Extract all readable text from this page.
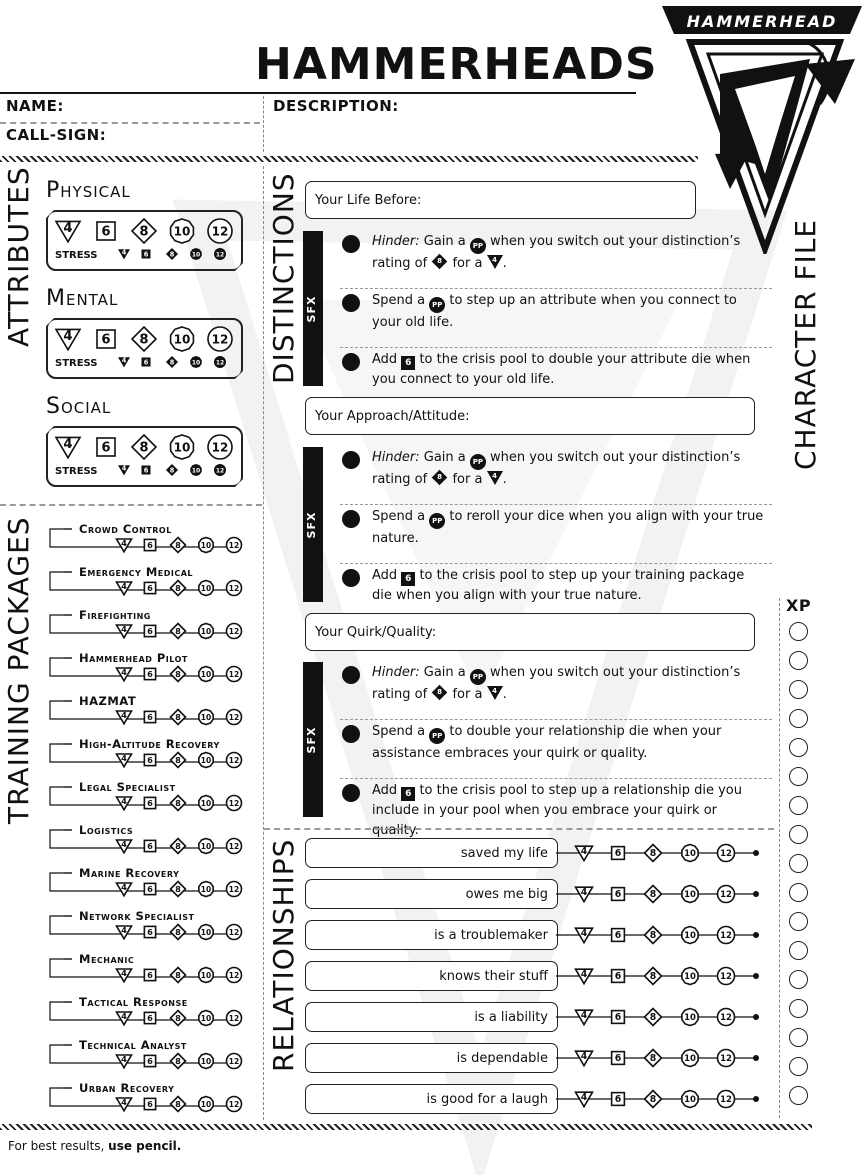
HAMMERHEAD
HAMMERHEADS
NAME:
CALL-SIGN:
DESCRIPTION:
ATTRIBUTES Physical
4 6 8 10 12
STRESS	4	6	8	10	12
Mental
4 6 8 10 12
STRESS	4	6	8	10	12
Social
4 6 8 10 12
STRESS	4	6	8	10	12
TRAINING PACKAGES	Crowd Control
4 6	8	10 12
Emergency Medical
4 6	8	10 12
Firefighting
4 6	8	10 12
Hammerhead Pilot
4 6	8	10 12
HAZMAT
4 6	8	10 12
High-Altitude Recovery
4 6	8	10 12
Legal Specialist
4 6	8	10 12
Logistics
4 6	8	10 12
Marine Recovery
4 6	8	10 12
Network Specialist
4 6	8	10 12
Mechanic
4 6	8	10 12
Tactical Response
4 6	8	10 12
Technical Analyst
4 6	8	10 12
Urban Recovery
4 6	8	10 12
DISTINCTIONS Your Life Before:
SFX
Hinder: Gain a PP when you switch out your distinction’s rating of 8 for a 4 .
Spend a PP to step up an attribute when you connect to your old life.
Add 6 to the crisis pool to double your attribute die when you connect to your old life.
Your Approach/Attitude:
SFX
Hinder: Gain a PP when you switch out your distinction’s rating of 8 for a 4 .
Spend a PP to reroll your dice when you align with your true nature.
Add 6 to the crisis pool to step up your training package die when you align with your true nature.
Your Quirk/Quality:
SFX
Hinder: Gain a PP when you switch out your distinction’s rating of 8 for a 4 .
Spend a PP to double your relationship die when your assistance embraces your quirk or quality.
Add 6 to the crisis pool to step up a relationship die you include in your pool when you embrace your quirk or quality.
RELATIONSHIPS	saved my life	4	6	8	10	12
owes me big	4	6	8	10	12
is a troublemaker	4	6	8	10	12
knows their stuff	4	6	8	10	12
is a liability	4	6	8	10	12
is dependable	4	6	8	10	12
is good for a laugh	4	6	8	10	12
CHARACTER FILE
XP
For best results, use pencil.
